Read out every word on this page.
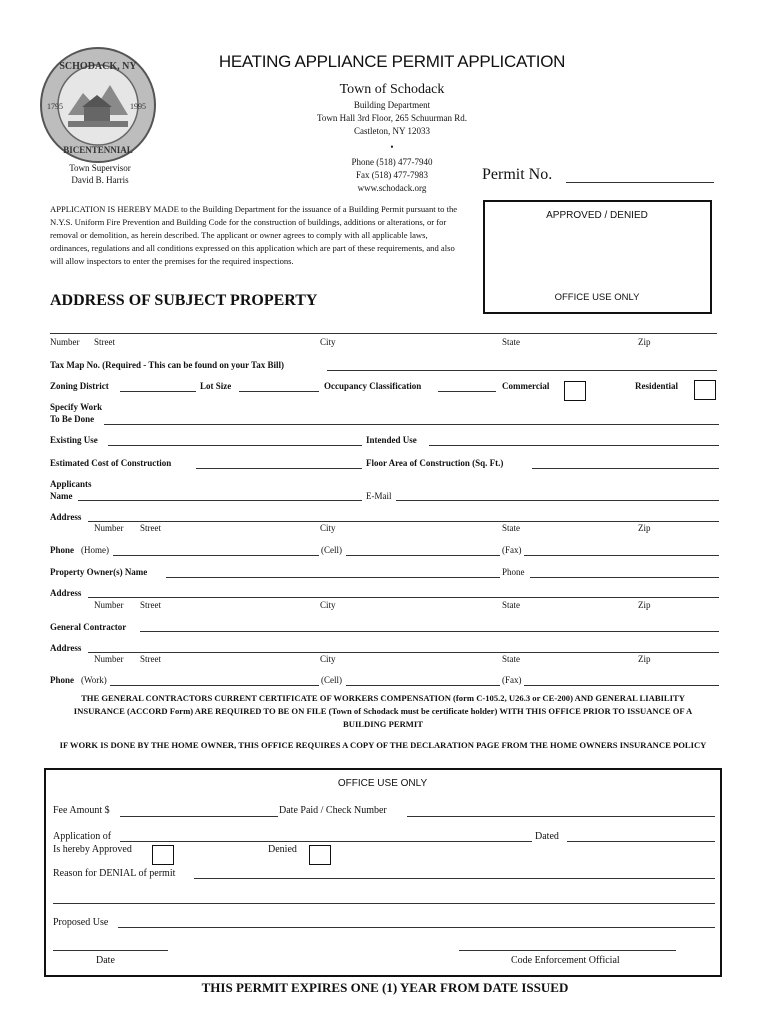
SCHODACK, NY
BICENTENNIAL
1795	1995
HEATING APPLIANCE PERMIT APPLICATION
Town of Schodack
Building Department
Town Hall 3rd Floor, 265 Schuurman Rd.
Castleton, NY 12033
•
Phone (518) 477-7940
Fax (518) 477-7983
www.schodack.org
Town Supervisor
David B. Harris	Permit No.
APPLICATION IS HEREBY MADE to the Building Department for the issuance of a Building Permit pursuant to the N.Y.S. Uniform Fire Prevention and Building Code for the construction of buildings, additions or alterations, or for removal or demolition, as herein described. The applicant or owner agrees to comply with all applicable laws, ordinances, regulations and all conditions expressed on this application which are part of these requirements, and also will allow inspectors to enter the premises for the required inspections.
APPROVED / DENIED
OFFICE USE ONLY
ADDRESS OF SUBJECT PROPERTY
Number Street	City	State	Zip
Tax Map No. (Required - This can be found on your Tax Bill)
Zoning District	Lot Size	Occupancy Classification	Commercial	Residential
Specify Work
To Be Done
Existing Use	Intended Use
Estimated Cost of Construction	Floor Area of Construction (Sq. Ft.)
Applicants
Name	E-Mail
Address
Number Street	City	State	Zip
Phone (Home)	(Cell)	(Fax)
Property Owner(s) Name	Phone
Address
Number Street	City	State	Zip
General Contractor
Address
Number Street	City	State	Zip
Phone (Work)	(Cell)	(Fax)
THE GENERAL CONTRACTORS CURRENT CERTIFICATE OF WORKERS COMPENSATION (form C-105.2, U26.3 or CE-200) AND GENERAL LIABILITY INSURANCE (ACCORD Form) ARE REQUIRED TO BE ON FILE (Town of Schodack must be certificate holder) WITH THIS OFFICE PRIOR TO ISSUANCE OF A BUILDING PERMIT
IF WORK IS DONE BY THE HOME OWNER, THIS OFFICE REQUIRES A COPY OF THE DECLARATION PAGE FROM THE HOME OWNERS INSURANCE POLICY
OFFICE USE ONLY
Fee Amount $	Date Paid / Check Number
Application of	Dated
Is hereby Approved	Denied
Reason for DENIAL of permit
Proposed Use
Date	Code Enforcement Official
THIS PERMIT EXPIRES ONE (1) YEAR FROM DATE ISSUED
